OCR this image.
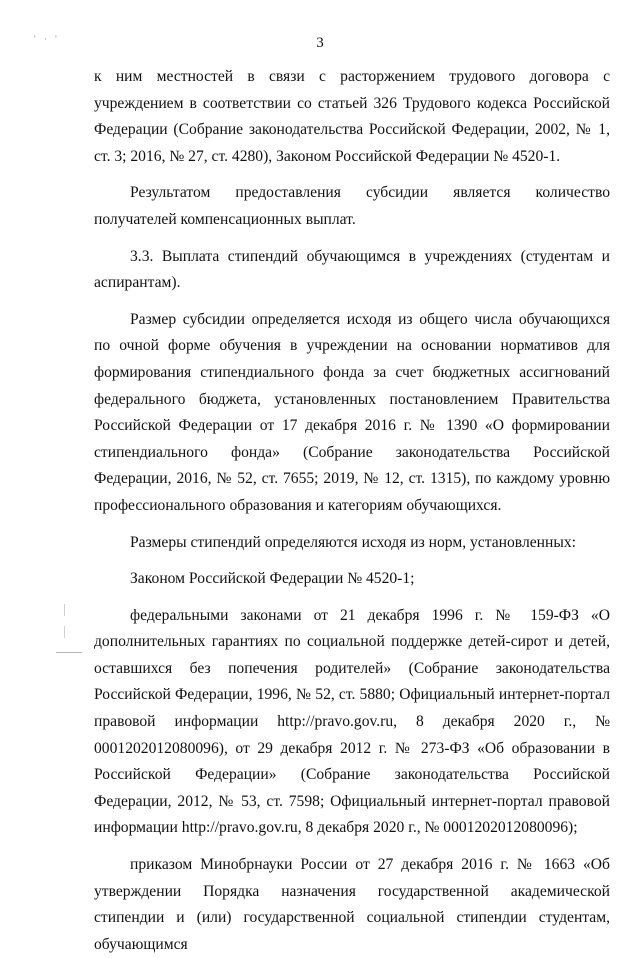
' · '	3

к ним местностей в связи с расторжением трудового договора с учреждением в соответствии со статьей 326 Трудового кодекса Российской Федерации (Собрание законодательства Российской Федерации, 2002, № 1, ст. 3; 2016, № 27, ст. 4280), Законом Российской Федерации № 4520-1.

Результатом предоставления субсидии является количество получателей компенсационных выплат.

3.3. Выплата стипендий обучающимся в учреждениях (студентам и аспирантам).

Размер субсидии определяется исходя из общего числа обучающихся по очной форме обучения в учреждении на основании нормативов для формирования стипендиального фонда за счет бюджетных ассигнований федерального бюджета, установленных постановлением Правительства Российской Федерации от 17 декабря 2016 г. № 1390 «О формировании стипендиального фонда» (Собрание законодательства Российской Федерации, 2016, № 52, ст. 7655; 2019, № 12, ст. 1315), по каждому уровню профессионального образования и категориям обучающихся.

Размеры стипендий определяются исходя из норм, установленных:

Законом Российской Федерации № 4520-1;

федеральными законами от 21 декабря 1996 г. № 159-ФЗ «О дополнительных гарантиях по социальной поддержке детей-сирот и детей, оставшихся без попечения родителей» (Собрание законодательства Российской Федерации, 1996, № 52, ст. 5880; Официальный интернет-портал правовой информации http://pravo.gov.ru, 8 декабря 2020 г., № 0001202012080096), от 29 декабря 2012 г. № 273-ФЗ «Об образовании в Российской Федерации» (Собрание законодательства Российской Федерации, 2012, № 53, ст. 7598; Официальный интернет-портал правовой информации http://pravo.gov.ru, 8 декабря 2020 г., № 0001202012080096);

приказом Минобрнауки России от 27 декабря 2016 г. № 1663 «Об утверждении Порядка назначения государственной академической стипендии и (или) государственной социальной стипендии студентам, обучающимся
